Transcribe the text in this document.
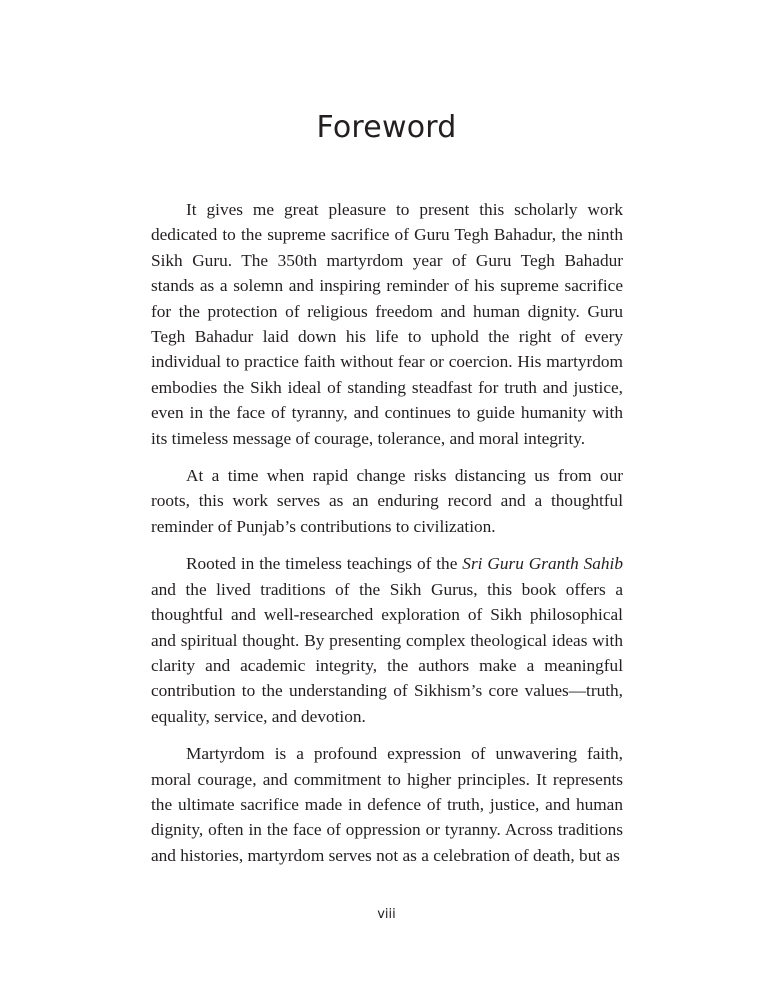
Foreword

It gives me great pleasure to present this scholarly work dedicated to the supreme sacrifice of Guru Tegh Bahadur, the ninth Sikh Guru. The 350th martyrdom year of Guru Tegh Bahadur stands as a solemn and inspiring reminder of his supreme sacrifice for the protection of religious freedom and human dignity. Guru Tegh Bahadur laid down his life to uphold the right of every individual to practice faith without fear or coercion. His martyrdom embodies the Sikh ideal of standing steadfast for truth and justice, even in the face of tyranny, and continues to guide humanity with its timeless message of courage, tolerance, and moral integrity.

At a time when rapid change risks distancing us from our roots, this work serves as an enduring record and a thoughtful reminder of Punjab’s contributions to civilization.

Rooted in the timeless teachings of the Sri Guru Granth Sahib and the lived traditions of the Sikh Gurus, this book offers a thoughtful and well-researched exploration of Sikh philosophical and spiritual thought. By presenting complex theological ideas with clarity and academic integrity, the authors make a meaningful contribution to the understanding of Sikhism’s core values—truth, equality, service, and devotion.

Martyrdom is a profound expression of unwavering faith, moral courage, and commitment to higher principles. It represents the ultimate sacrifice made in defence of truth, justice, and human dignity, often in the face of oppression or tyranny. Across traditions and histories, martyrdom serves not as a celebration of death, but as

viii
